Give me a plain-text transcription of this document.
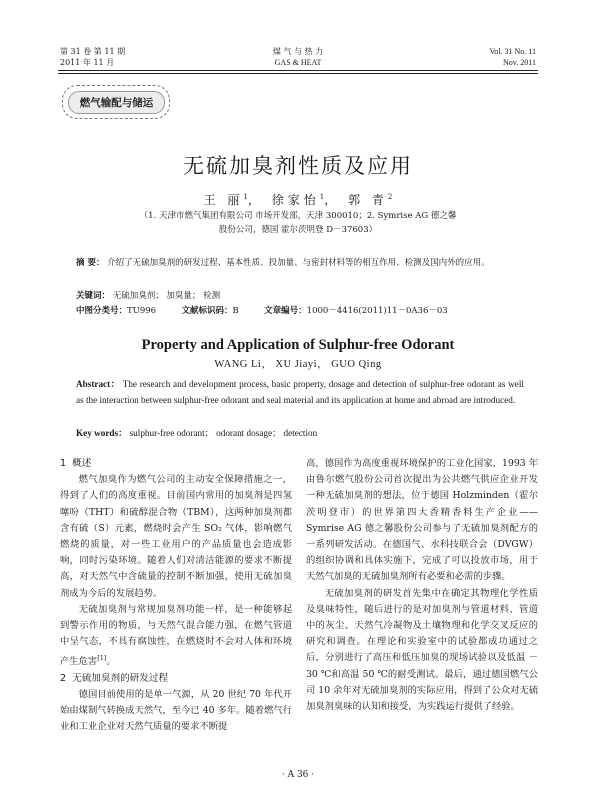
第 31 卷 第 11 期
2011 年 11 月
煤 气 与 热 力
GAS & HEAT
Vol. 31 No. 11
Nov. 2011
燃气输配与储运
无硫加臭剂性质及应用
王 丽$^1$， 徐家怡$^1$， 郭 青$^2$
（1. 天津市燃气集团有限公司 市场开发部，天津 300010；2. Symrise AG 德之馨
股份公司，德国 霍尔茨明登 D－37603）
摘 要： 介绍了无硫加臭剂的研发过程、基本性质、投加量、与密封材料等的相互作用、检测及国内外的应用。
关键词： 无硫加臭剂； 加臭量； 检测
中图分类号：TU996	文献标识码：B	文章编号：1000－4416(2011)11－0A36－03
Property and Application of Sulphur-free Odorant
WANG Li， XU Jiayi， GUO Qing
Abstract： The research and development process, basic property, dosage and detection of sulphur-free odorant as well as the interaction between sulphur-free odorant and seal material and its application at home and abroad are introduced.
Key words： sulphur-free odorant； odorant dosage； detection
1 概述

燃气加臭作为燃气公司的主动安全保障措施之一，得到了人们的高度重视。目前国内常用的加臭剂是四氢噻吩（THT）和硫醇混合物（TBM），这两种加臭剂都含有硫（S）元素，燃烧时会产生 SO₂ 气体，影响燃气燃烧的质量，对一些工业用户的产品质量也会造成影响，同时污染环境。随着人们对清洁能源的要求不断提高，对天然气中含硫量的控制不断加强，使用无硫加臭剂成为今后的发展趋势。

无硫加臭剂与常规加臭剂功能一样，是一种能够起到警示作用的物质，与天然气混合能力强，在燃气管道中呈气态，不具有腐蚀性，在燃烧时不会对人体和环境产生危害[1]。

2 无硫加臭剂的研发过程

德国目前使用的是单一气源，从 20 世纪 70 年代开始由煤制气转换成天然气，至今已 40 多年。随着燃气行业和工业企业对天然气质量的要求不断提

高，德国作为高度重视环境保护的工业化国家，1993 年由鲁尔燃气股份公司首次提出为公共燃气供应企业开发一种无硫加臭剂的想法，位于德国 Holzminden（霍尔茨明登市）的世界第四大香精香料生产企业——Symrise AG 德之馨股份公司参与了无硫加臭剂配方的一系列研发活动。在德国气、水科技联合会（DVGW）的组织协调和具体实施下，完成了可以投放市场，用于天然气加臭的无硫加臭剂所有必要和必需的步骤。

无硫加臭剂的研发首先集中在确定其物理化学性质及臭味特性，随后进行的是对加臭剂与管道材料、管道中的灰尘、天然气冷凝物及土壤物理和化学交叉反应的研究和调查。在理论和实验室中的试验都成功通过之后，分别进行了高压和低压加臭的现场试验以及低温 －30 ℃和高温 50 ℃的耐受测试。最后，通过德国燃气公司 10 余年对无硫加臭剂的实际应用，得到了公众对无硫加臭剂臭味的认知和接受，为实践运行提供了经验。

· A 36 ·
